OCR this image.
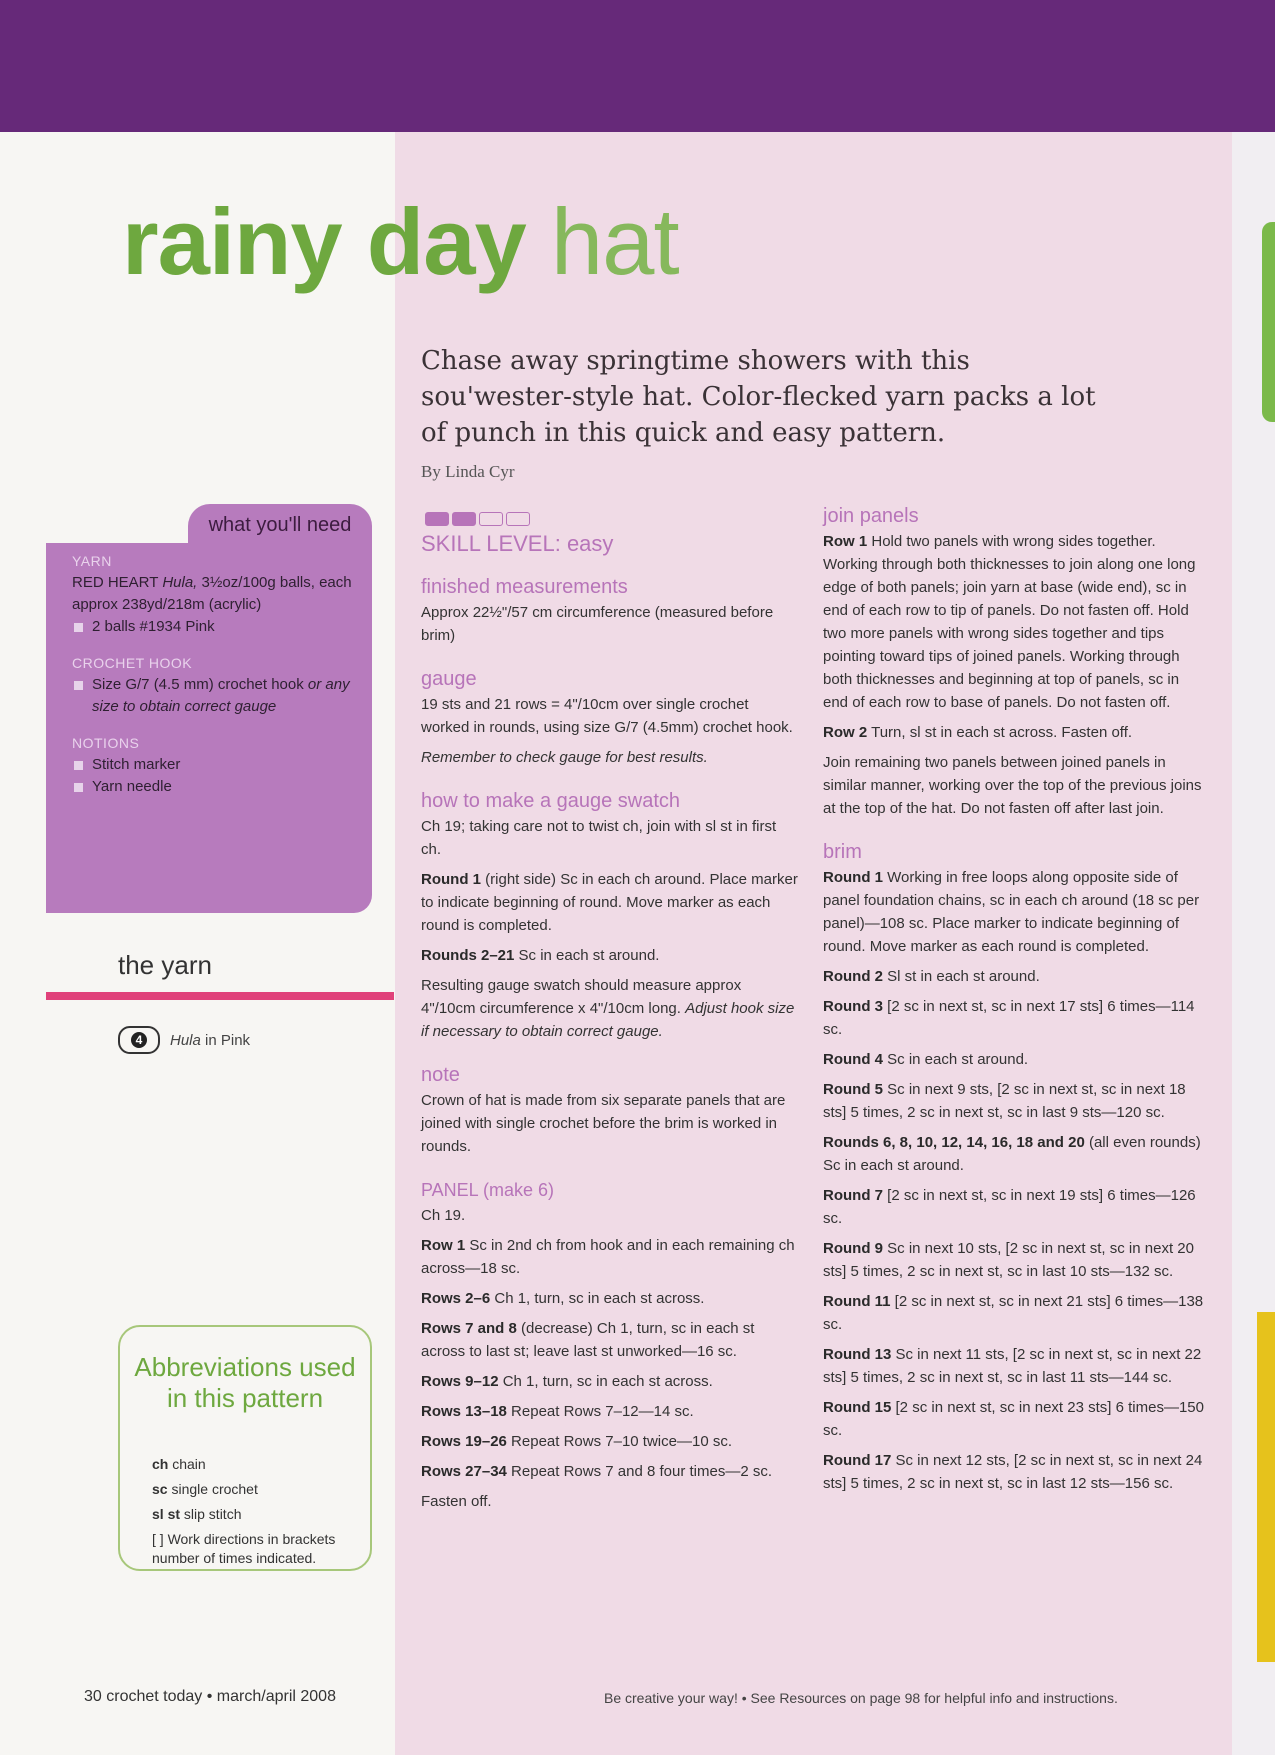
rainy day hat
Chase away springtime showers with this sou'wester-style hat. Color-flecked yarn packs a lot of punch in this quick and easy pattern.
By Linda Cyr
what you'll need
YARN
RED HEART Hula, 3½oz/100g balls, each approx 238yd/218m (acrylic)
2 balls #1934 Pink
CROCHET HOOK
Size G/7 (4.5 mm) crochet hook or any size to obtain correct gauge
NOTIONS
Stitch marker
Yarn needle
the yarn
4	Hula in Pink
Abbreviations used in this pattern
ch chain
sc single crochet
sl st slip stitch
[ ] Work directions in brackets number of times indicated.
SKILL LEVEL: easy
finished measurements

Approx 22½"/57 cm circumference (measured before brim)

gauge

19 sts and 21 rows = 4"/10cm over single crochet worked in rounds, using size G/7 (4.5mm) crochet hook.

Remember to check gauge for best results.

how to make a gauge swatch

Ch 19; taking care not to twist ch, join with sl st in first ch.

Round 1 (right side) Sc in each ch around. Place marker to indicate beginning of round. Move marker as each round is completed.

Rounds 2–21 Sc in each st around.

Resulting gauge swatch should measure approx 4"/10cm circumference x 4"/10cm long. Adjust hook size if necessary to obtain correct gauge.

note

Crown of hat is made from six separate panels that are joined with single crochet before the brim is worked in rounds.

PANEL (make 6)

Ch 19.

Row 1 Sc in 2nd ch from hook and in each remaining ch across—18 sc.

Rows 2–6 Ch 1, turn, sc in each st across.

Rows 7 and 8 (decrease) Ch 1, turn, sc in each st across to last st; leave last st unworked—16 sc.

Rows 9–12 Ch 1, turn, sc in each st across.

Rows 13–18 Repeat Rows 7–12—14 sc.

Rows 19–26 Repeat Rows 7–10 twice—10 sc.

Rows 27–34 Repeat Rows 7 and 8 four times—2 sc.

Fasten off.

join panels

Row 1 Hold two panels with wrong sides together. Working through both thicknesses to join along one long edge of both panels; join yarn at base (wide end), sc in end of each row to tip of panels. Do not fasten off. Hold two more panels with wrong sides together and tips pointing toward tips of joined panels. Working through both thicknesses and beginning at top of panels, sc in end of each row to base of panels. Do not fasten off.

Row 2 Turn, sl st in each st across. Fasten off.

Join remaining two panels between joined panels in similar manner, working over the top of the previous joins at the top of the hat. Do not fasten off after last join.

brim

Round 1 Working in free loops along opposite side of panel foundation chains, sc in each ch around (18 sc per panel)—108 sc. Place marker to indicate beginning of round. Move marker as each round is completed.

Round 2 Sl st in each st around.

Round 3 [2 sc in next st, sc in next 17 sts] 6 times—114 sc.

Round 4 Sc in each st around.

Round 5 Sc in next 9 sts, [2 sc in next st, sc in next 18 sts] 5 times, 2 sc in next st, sc in last 9 sts—120 sc.

Rounds 6, 8, 10, 12, 14, 16, 18 and 20 (all even rounds) Sc in each st around.

Round 7 [2 sc in next st, sc in next 19 sts] 6 times—126 sc.

Round 9 Sc in next 10 sts, [2 sc in next st, sc in next 20 sts] 5 times, 2 sc in next st, sc in last 10 sts—132 sc.

Round 11 [2 sc in next st, sc in next 21 sts] 6 times—138 sc.

Round 13 Sc in next 11 sts, [2 sc in next st, sc in next 22 sts] 5 times, 2 sc in next st, sc in last 11 sts—144 sc.

Round 15 [2 sc in next st, sc in next 23 sts] 6 times—150 sc.

Round 17 Sc in next 12 sts, [2 sc in next st, sc in next 24 sts] 5 times, 2 sc in next st, sc in last 12 sts—156 sc.

30 crochet today • march/april 2008	Be creative your way! • See Resources on page 98 for helpful info and instructions.
